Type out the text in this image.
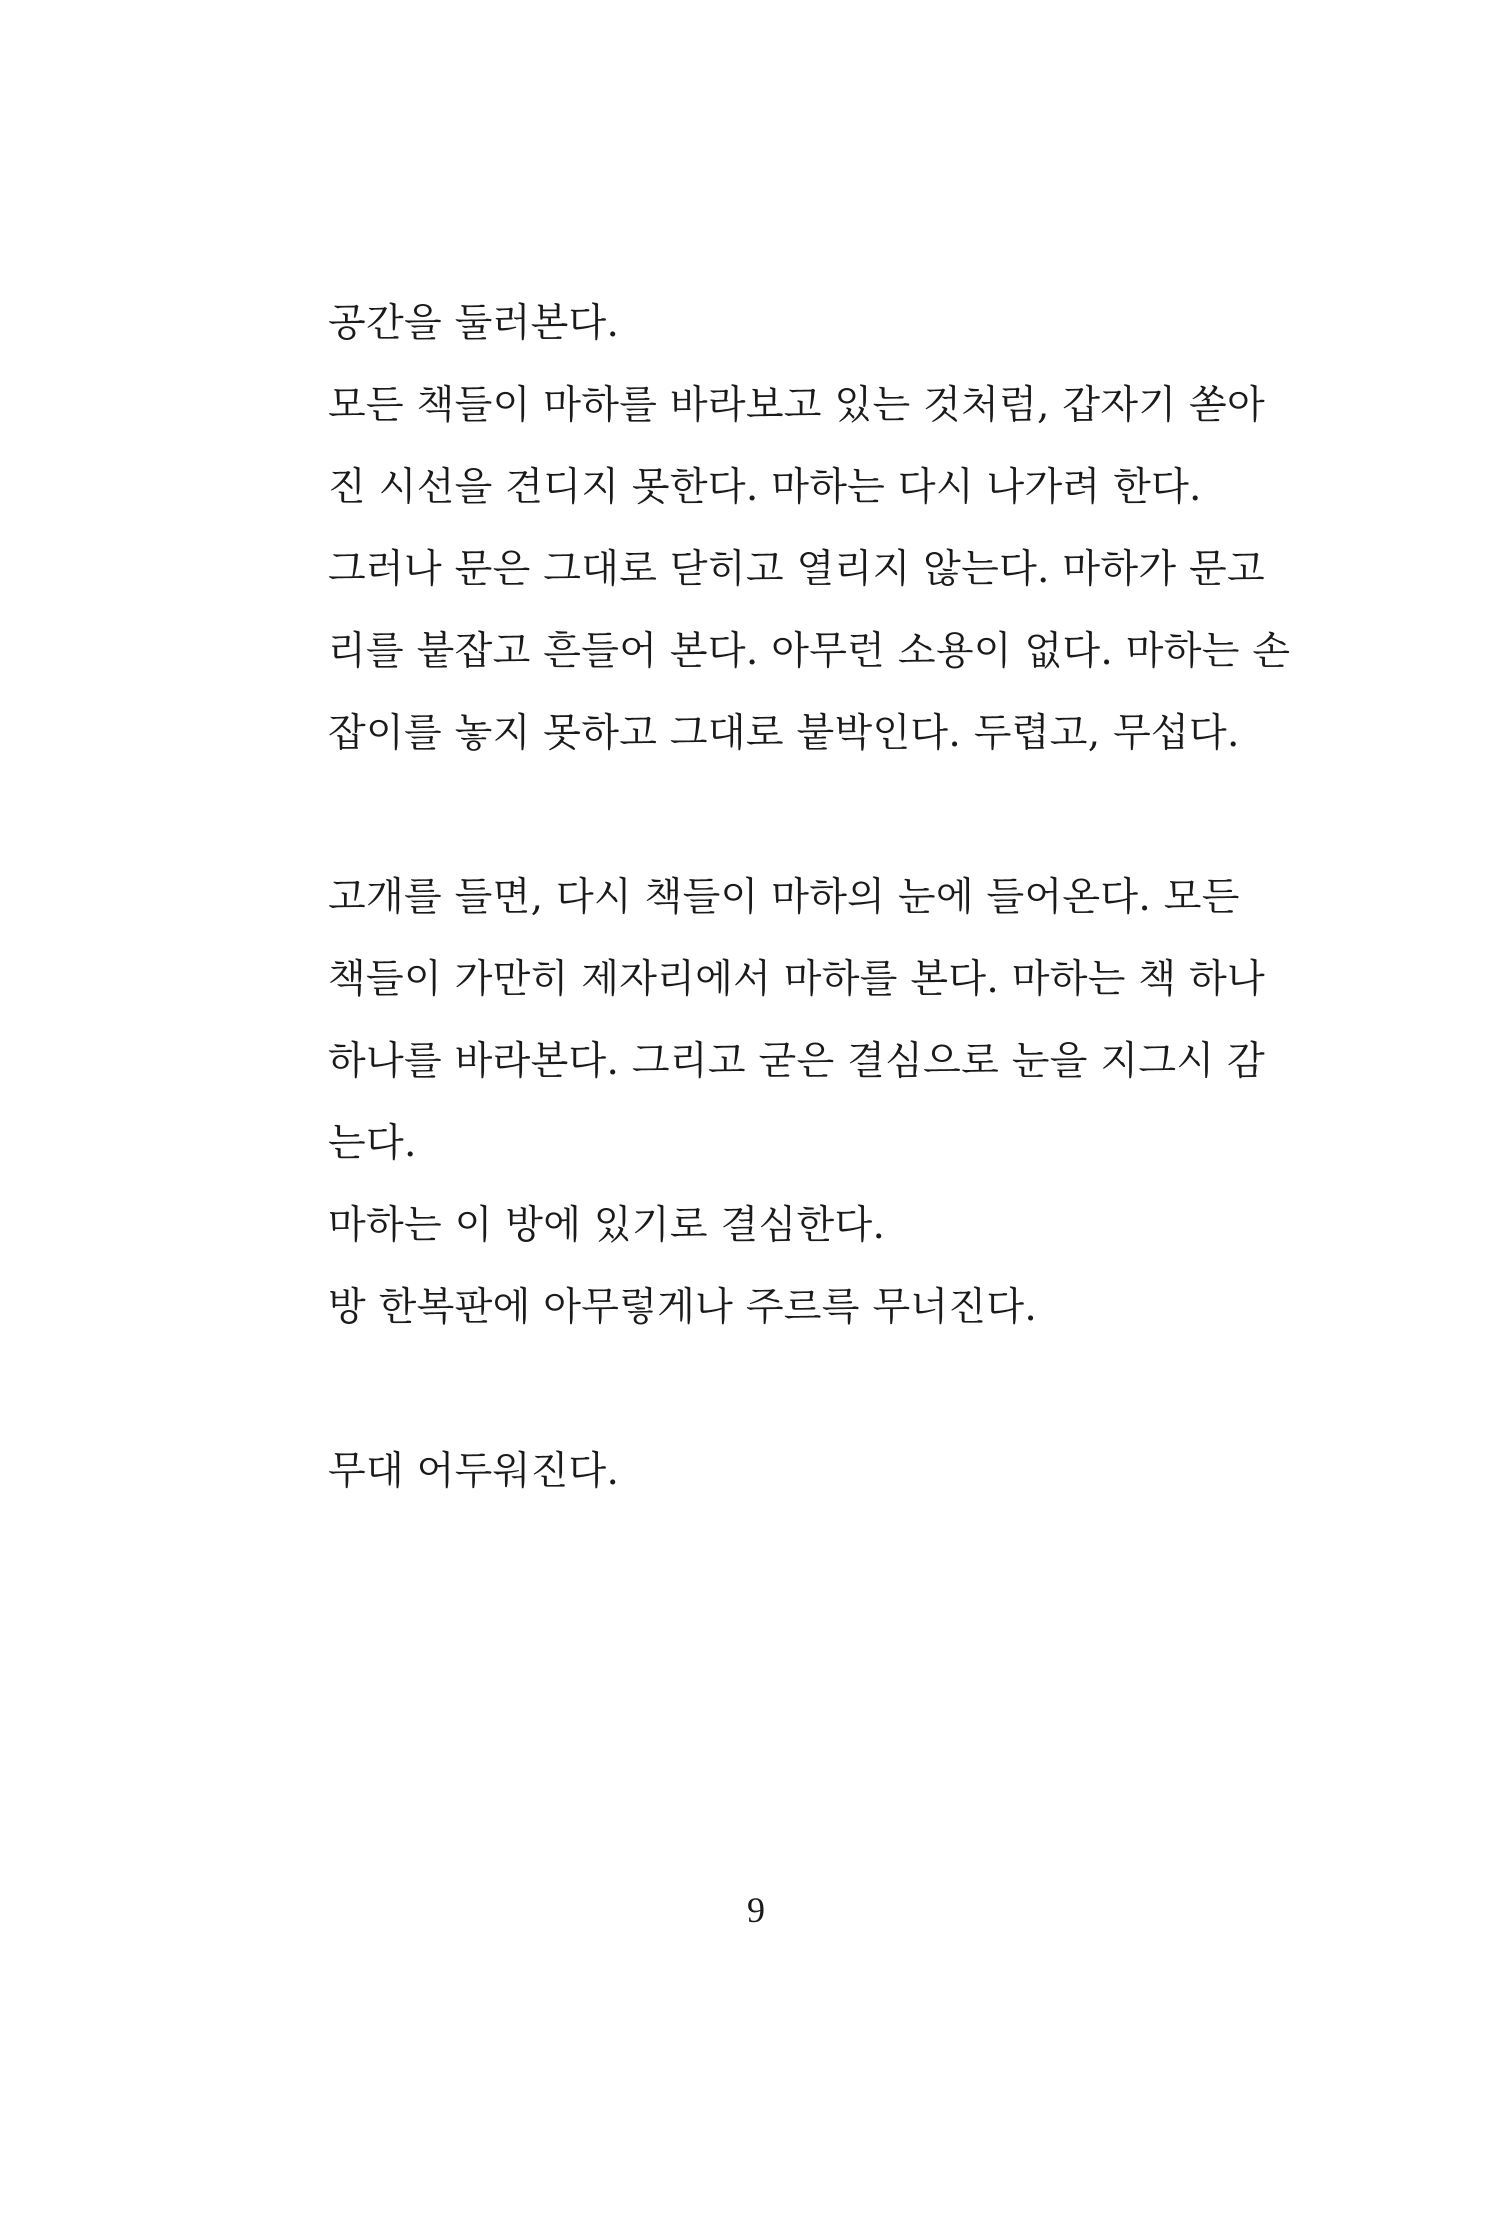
공간을 둘러본다.
모든 책들이 마하를 바라보고 있는 것처럼, 갑자기 쏟아
진 시선을 견디지 못한다. 마하는 다시 나가려 한다.
그러나 문은 그대로 닫히고 열리지 않는다. 마하가 문고
리를 붙잡고 흔들어 본다. 아무런 소용이 없다. 마하는 손
잡이를 놓지 못하고 그대로 붙박인다. 두렵고, 무섭다.
고개를 들면, 다시 책들이 마하의 눈에 들어온다. 모든
책들이 가만히 제자리에서 마하를 본다. 마하는 책 하나
하나를 바라본다. 그리고 굳은 결심으로 눈을 지그시 감
는다.
마하는 이 방에 있기로 결심한다.
방 한복판에 아무렇게나 주르륵 무너진다.
무대 어두워진다.
9
